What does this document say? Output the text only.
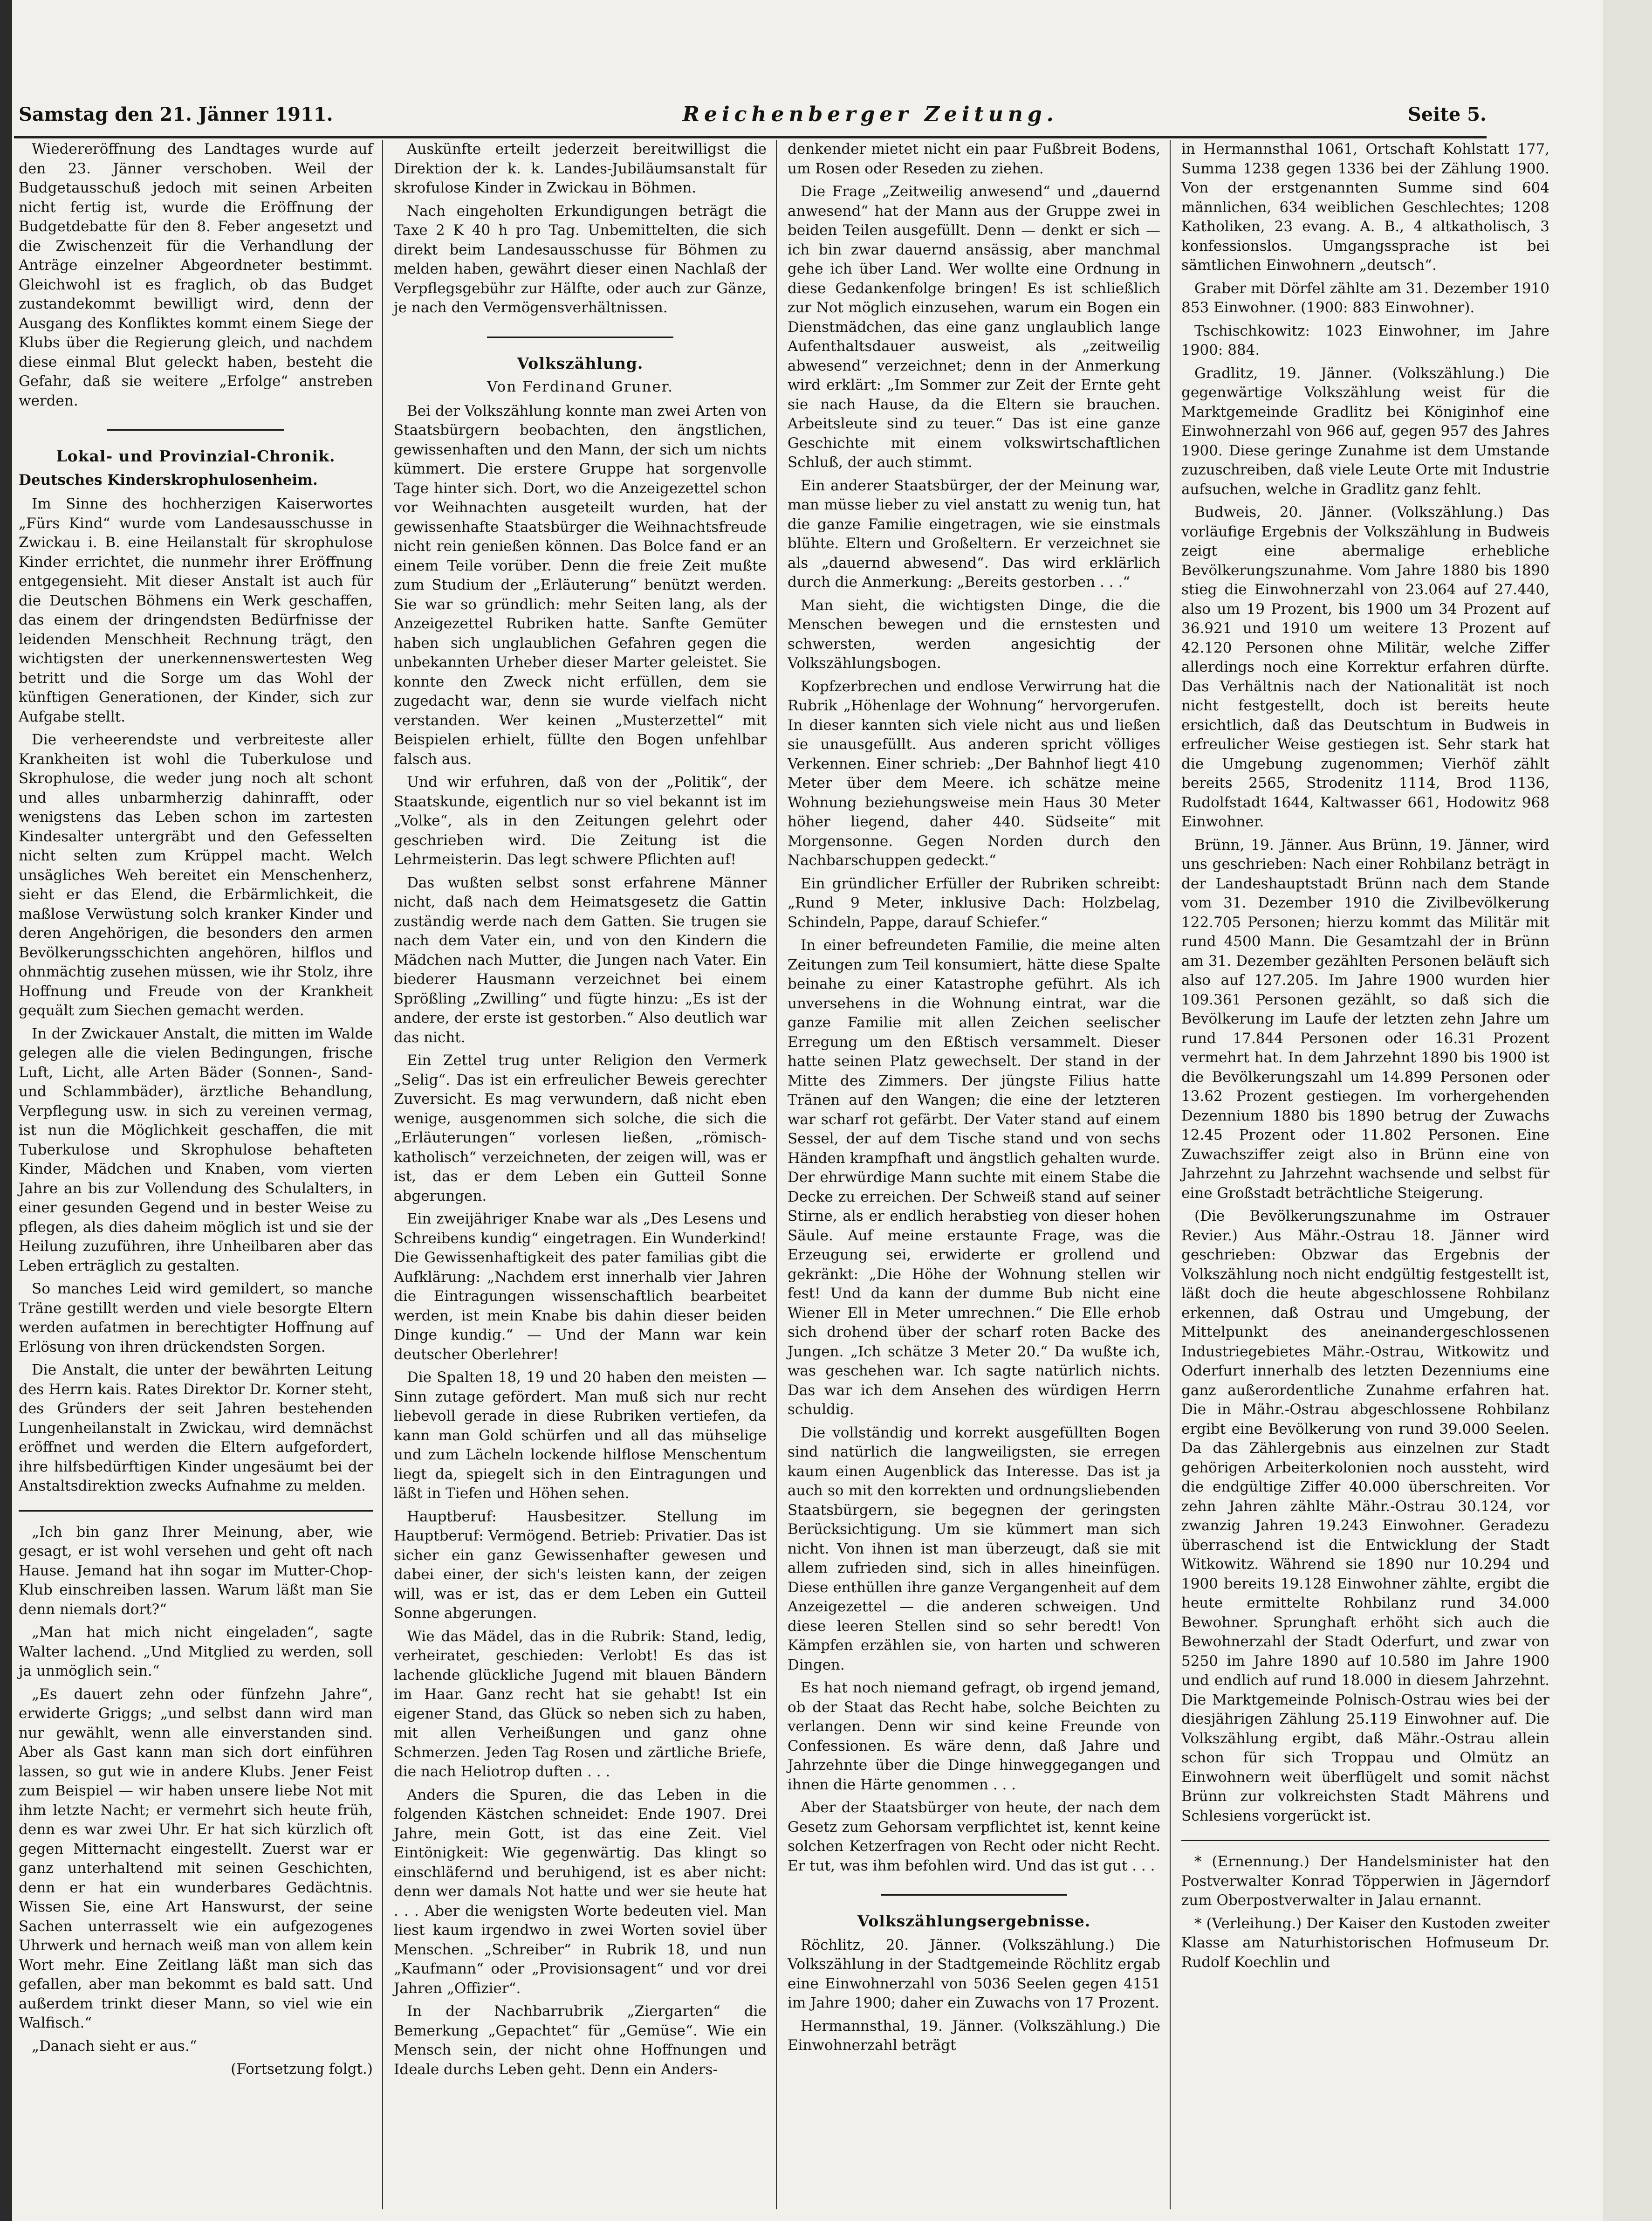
Samstag den 21. Jänner 1911.	Reichenberger Zeitung.	Seite 5.

Wiedereröffnung des Landtages wurde auf den 23. Jänner verschoben. Weil der Budgetausschuß jedoch mit seinen Arbeiten nicht fertig ist, wurde die Eröffnung der Budgetdebatte für den 8. Feber angesetzt und die Zwischenzeit für die Verhandlung der Anträge einzelner Abgeordneter bestimmt. Gleichwohl ist es fraglich, ob das Budget zustandekommt bewilligt wird, denn der Ausgang des Konfliktes kommt einem Siege der Klubs über die Regierung gleich, und nachdem diese einmal Blut geleckt haben, besteht die Gefahr, daß sie weitere „Erfolge“ anstreben werden.

Lokal- und Provinzial-Chronik.

Deutsches Kinderskrophulosenheim.

Im Sinne des hochherzigen Kaiserwortes „Fürs Kind“ wurde vom Landesausschusse in Zwickau i. B. eine Heilanstalt für skrophulose Kinder errichtet, die nunmehr ihrer Eröffnung entgegensieht. Mit dieser Anstalt ist auch für die Deutschen Böhmens ein Werk geschaffen, das einem der dringendsten Bedürfnisse der leidenden Menschheit Rechnung trägt, den wichtigsten der unerkennenswertesten Weg betritt und die Sorge um das Wohl der künftigen Generationen, der Kinder, sich zur Aufgabe stellt.

Die verheerendste und verbreiteste aller Krankheiten ist wohl die Tuberkulose und Skrophulose, die weder jung noch alt schont und alles unbarmherzig dahinrafft, oder wenigstens das Leben schon im zartesten Kindesalter untergräbt und den Gefesselten nicht selten zum Krüppel macht. Welch unsägliches Weh bereitet ein Menschenherz, sieht er das Elend, die Erbärmlichkeit, die maßlose Verwüstung solch kranker Kinder und deren Angehörigen, die besonders den armen Bevölkerungsschichten angehören, hilflos und ohnmächtig zusehen müssen, wie ihr Stolz, ihre Hoffnung und Freude von der Krankheit gequält zum Siechen gemacht werden.

In der Zwickauer Anstalt, die mitten im Walde gelegen alle die vielen Bedingungen, frische Luft, Licht, alle Arten Bäder (Sonnen-, Sand- und Schlammbäder), ärztliche Behandlung, Verpflegung usw. in sich zu vereinen vermag, ist nun die Möglichkeit geschaffen, die mit Tuberkulose und Skrophulose behafteten Kinder, Mädchen und Knaben, vom vierten Jahre an bis zur Vollendung des Schulalters, in einer gesunden Gegend und in bester Weise zu pflegen, als dies daheim möglich ist und sie der Heilung zuzuführen, ihre Unheilbaren aber das Leben erträglich zu gestalten.

So manches Leid wird gemildert, so manche Träne gestillt werden und viele besorgte Eltern werden aufatmen in berechtigter Hoffnung auf Erlösung von ihren drückendsten Sorgen.

Die Anstalt, die unter der bewährten Leitung des Herrn kais. Rates Direktor Dr. Korner steht, des Gründers der seit Jahren bestehenden Lungenheilanstalt in Zwickau, wird demnächst eröffnet und werden die Eltern aufgefordert, ihre hilfsbedürftigen Kinder ungesäumt bei der Anstaltsdirektion zwecks Aufnahme zu melden.

„Ich bin ganz Ihrer Meinung, aber, wie gesagt, er ist wohl versehen und geht oft nach Hause. Jemand hat ihn sogar im Mutter-Chop-Klub einschreiben lassen. Warum läßt man Sie denn niemals dort?“

„Man hat mich nicht eingeladen“, sagte Walter lachend. „Und Mitglied zu werden, soll ja unmöglich sein.“

„Es dauert zehn oder fünfzehn Jahre“, erwiderte Griggs; „und selbst dann wird man nur gewählt, wenn alle einverstanden sind. Aber als Gast kann man sich dort einführen lassen, so gut wie in andere Klubs. Jener Feist zum Beispiel — wir haben unsere liebe Not mit ihm letzte Nacht; er vermehrt sich heute früh, denn es war zwei Uhr. Er hat sich kürzlich oft gegen Mitternacht eingestellt. Zuerst war er ganz unterhaltend mit seinen Geschichten, denn er hat ein wunderbares Gedächtnis. Wissen Sie, eine Art Hanswurst, der seine Sachen unterrasselt wie ein aufgezogenes Uhrwerk und hernach weiß man von allem kein Wort mehr. Eine Zeitlang läßt man sich das gefallen, aber man bekommt es bald satt. Und außerdem trinkt dieser Mann, so viel wie ein Walfisch.“

„Danach sieht er aus.“

(Fortsetzung folgt.)

Auskünfte erteilt jederzeit bereitwilligst die Direktion der k. k. Landes-Jubiläumsanstalt für skrofulose Kinder in Zwickau in Böhmen.

Nach eingeholten Erkundigungen beträgt die Taxe 2 K 40 h pro Tag. Unbemittelten, die sich direkt beim Landesausschusse für Böhmen zu melden haben, gewährt dieser einen Nachlaß der Verpflegsgebühr zur Hälfte, oder auch zur Gänze, je nach den Vermögensverhältnissen.

Volkszählung.

Von Ferdinand Gruner.

Bei der Volkszählung konnte man zwei Arten von Staatsbürgern beobachten, den ängstlichen, gewissenhaften und den Mann, der sich um nichts kümmert. Die erstere Gruppe hat sorgenvolle Tage hinter sich. Dort, wo die Anzeigezettel schon vor Weihnachten ausgeteilt wurden, hat der gewissenhafte Staatsbürger die Weihnachtsfreude nicht rein genießen können. Das Bolce fand er an einem Teile vorüber. Denn die freie Zeit mußte zum Studium der „Erläuterung“ benützt werden. Sie war so gründlich: mehr Seiten lang, als der Anzeigezettel Rubriken hatte. Sanfte Gemüter haben sich unglaublichen Gefahren gegen die unbekannten Urheber dieser Marter geleistet. Sie konnte den Zweck nicht erfüllen, dem sie zugedacht war, denn sie wurde vielfach nicht verstanden. Wer keinen „Musterzettel“ mit Beispielen erhielt, füllte den Bogen unfehlbar falsch aus.

Und wir erfuhren, daß von der „Politik“, der Staatskunde, eigentlich nur so viel bekannt ist im „Volke“, als in den Zeitungen gelehrt oder geschrieben wird. Die Zeitung ist die Lehrmeisterin. Das legt schwere Pflichten auf!

Das wußten selbst sonst erfahrene Männer nicht, daß nach dem Heimatsgesetz die Gattin zuständig werde nach dem Gatten. Sie trugen sie nach dem Vater ein, und von den Kindern die Mädchen nach Mutter, die Jungen nach Vater. Ein biederer Hausmann verzeichnet bei einem Sprößling „Zwilling“ und fügte hinzu: „Es ist der andere, der erste ist gestorben.“ Also deutlich war das nicht.

Ein Zettel trug unter Religion den Vermerk „Selig“. Das ist ein erfreulicher Beweis gerechter Zuversicht. Es mag verwundern, daß nicht eben wenige, ausgenommen sich solche, die sich die „Erläuterungen“ vorlesen ließen, „römisch-katholisch“ verzeichneten, der zeigen will, was er ist, das er dem Leben ein Gutteil Sonne abgerungen.

Ein zweijähriger Knabe war als „Des Lesens und Schreibens kundig“ eingetragen. Ein Wunderkind! Die Gewissenhaftigkeit des pater familias gibt die Aufklärung: „Nachdem erst innerhalb vier Jahren die Eintragungen wissenschaftlich bearbeitet werden, ist mein Knabe bis dahin dieser beiden Dinge kundig.“ — Und der Mann war kein deutscher Oberlehrer!

Die Spalten 18, 19 und 20 haben den meisten — Sinn zutage gefördert. Man muß sich nur recht liebevoll gerade in diese Rubriken vertiefen, da kann man Gold schürfen und all das mühselige und zum Lächeln lockende hilflose Menschentum liegt da, spiegelt sich in den Eintragungen und läßt in Tiefen und Höhen sehen.

Hauptberuf: Hausbesitzer. Stellung im Hauptberuf: Vermögend. Betrieb: Privatier. Das ist sicher ein ganz Gewissenhafter gewesen und dabei einer, der sich's leisten kann, der zeigen will, was er ist, das er dem Leben ein Gutteil Sonne abgerungen.

Wie das Mädel, das in die Rubrik: Stand, ledig, verheiratet, geschieden: Verlobt! Es das ist lachende glückliche Jugend mit blauen Bändern im Haar. Ganz recht hat sie gehabt! Ist ein eigener Stand, das Glück so neben sich zu haben, mit allen Verheißungen und ganz ohne Schmerzen. Jeden Tag Rosen und zärtliche Briefe, die nach Heliotrop duften . . .

Anders die Spuren, die das Leben in die folgenden Kästchen schneidet: Ende 1907. Drei Jahre, mein Gott, ist das eine Zeit. Viel Eintönigkeit: Wie gegenwärtig. Das klingt so einschläfernd und beruhigend, ist es aber nicht: denn wer damals Not hatte und wer sie heute hat . . . Aber die wenigsten Worte bedeuten viel. Man liest kaum irgendwo in zwei Worten soviel über Menschen. „Schreiber“ in Rubrik 18, und nun „Kaufmann“ oder „Provisionsagent“ und vor drei Jahren „Offizier“.

In der Nachbarrubrik „Ziergarten“ die Bemerkung „Gepachtet“ für „Gemüse“. Wie ein Mensch sein, der nicht ohne Hoffnungen und Ideale durchs Leben geht. Denn ein Anders-

denkender mietet nicht ein paar Fußbreit Bodens, um Rosen oder Reseden zu ziehen.

Die Frage „Zeitweilig anwesend“ und „dauernd anwesend“ hat der Mann aus der Gruppe zwei in beiden Teilen ausgefüllt. Denn — denkt er sich — ich bin zwar dauernd ansässig, aber manchmal gehe ich über Land. Wer wollte eine Ordnung in diese Gedankenfolge bringen! Es ist schließlich zur Not möglich einzusehen, warum ein Bogen ein Dienstmädchen, das eine ganz unglaublich lange Aufenthaltsdauer ausweist, als „zeitweilig abwesend“ verzeichnet; denn in der Anmerkung wird erklärt: „Im Sommer zur Zeit der Ernte geht sie nach Hause, da die Eltern sie brauchen. Arbeitsleute sind zu teuer.“ Das ist eine ganze Geschichte mit einem volkswirtschaftlichen Schluß, der auch stimmt.

Ein anderer Staatsbürger, der der Meinung war, man müsse lieber zu viel anstatt zu wenig tun, hat die ganze Familie eingetragen, wie sie einstmals blühte. Eltern und Großeltern. Er verzeichnet sie als „dauernd abwesend“. Das wird erklärlich durch die Anmerkung: „Bereits gestorben . . .“

Man sieht, die wichtigsten Dinge, die die Menschen bewegen und die ernstesten und schwersten, werden angesichtig der Volkszählungsbogen.

Kopfzerbrechen und endlose Verwirrung hat die Rubrik „Höhenlage der Wohnung“ hervorgerufen. In dieser kannten sich viele nicht aus und ließen sie unausgefüllt. Aus anderen spricht völliges Verkennen. Einer schrieb: „Der Bahnhof liegt 410 Meter über dem Meere. ich schätze meine Wohnung beziehungsweise mein Haus 30 Meter höher liegend, daher 440. Südseite“ mit Morgensonne. Gegen Norden durch den Nachbarschuppen gedeckt.“

Ein gründlicher Erfüller der Rubriken schreibt: „Rund 9 Meter, inklusive Dach: Holzbelag, Schindeln, Pappe, darauf Schiefer.“

In einer befreundeten Familie, die meine alten Zeitungen zum Teil konsumiert, hätte diese Spalte beinahe zu einer Katastrophe geführt. Als ich unversehens in die Wohnung eintrat, war die ganze Familie mit allen Zeichen seelischer Erregung um den Eßtisch versammelt. Dieser hatte seinen Platz gewechselt. Der stand in der Mitte des Zimmers. Der jüngste Filius hatte Tränen auf den Wangen; die eine der letzteren war scharf rot gefärbt. Der Vater stand auf einem Sessel, der auf dem Tische stand und von sechs Händen krampfhaft und ängstlich gehalten wurde. Der ehrwürdige Mann suchte mit einem Stabe die Decke zu erreichen. Der Schweiß stand auf seiner Stirne, als er endlich herabstieg von dieser hohen Säule. Auf meine erstaunte Frage, was die Erzeugung sei, erwiderte er grollend und gekränkt: „Die Höhe der Wohnung stellen wir fest! Und da kann der dumme Bub nicht eine Wiener Ell in Meter umrechnen.“ Die Elle erhob sich drohend über der scharf roten Backe des Jungen. „Ich schätze 3 Meter 20.“ Da wußte ich, was geschehen war. Ich sagte natürlich nichts. Das war ich dem Ansehen des würdigen Herrn schuldig.

Die vollständig und korrekt ausgefüllten Bogen sind natürlich die langweiligsten, sie erregen kaum einen Augenblick das Interesse. Das ist ja auch so mit den korrekten und ordnungsliebenden Staatsbürgern, sie begegnen der geringsten Berücksichtigung. Um sie kümmert man sich nicht. Von ihnen ist man überzeugt, daß sie mit allem zufrieden sind, sich in alles hineinfügen. Diese enthüllen ihre ganze Vergangenheit auf dem Anzeigezettel — die anderen schweigen. Und diese leeren Stellen sind so sehr beredt! Von Kämpfen erzählen sie, von harten und schweren Dingen.

Es hat noch niemand gefragt, ob irgend jemand, ob der Staat das Recht habe, solche Beichten zu verlangen. Denn wir sind keine Freunde von Confessionen. Es wäre denn, daß Jahre und Jahrzehnte über die Dinge hinweggegangen und ihnen die Härte genommen . . .

Aber der Staatsbürger von heute, der nach dem Gesetz zum Gehorsam verpflichtet ist, kennt keine solchen Ketzerfragen von Recht oder nicht Recht. Er tut, was ihm befohlen wird. Und das ist gut . . .

Volkszählungsergebnisse.

Röchlitz, 20. Jänner. (Volkszählung.) Die Volkszählung in der Stadtgemeinde Röchlitz ergab eine Einwohnerzahl von 5036 Seelen gegen 4151 im Jahre 1900; daher ein Zuwachs von 17 Prozent.

Hermannsthal, 19. Jänner. (Volkszählung.) Die Einwohnerzahl beträgt

in Hermannsthal 1061, Ortschaft Kohlstatt 177, Summa 1238 gegen 1336 bei der Zählung 1900. Von der erstgenannten Summe sind 604 männlichen, 634 weiblichen Geschlechtes; 1208 Katholiken, 23 evang. A. B., 4 altkatholisch, 3 konfessionslos. Umgangssprache ist bei sämtlichen Einwohnern „deutsch“.

Graber mit Dörfel zählte am 31. Dezember 1910 853 Einwohner. (1900: 883 Einwohner).

Tschischkowitz: 1023 Einwohner, im Jahre 1900: 884.

Gradlitz, 19. Jänner. (Volkszählung.) Die gegenwärtige Volkszählung weist für die Marktgemeinde Gradlitz bei Königinhof eine Einwohnerzahl von 966 auf, gegen 957 des Jahres 1900. Diese geringe Zunahme ist dem Umstande zuzuschreiben, daß viele Leute Orte mit Industrie aufsuchen, welche in Gradlitz ganz fehlt.

Budweis, 20. Jänner. (Volkszählung.) Das vorläufige Ergebnis der Volkszählung in Budweis zeigt eine abermalige erhebliche Bevölkerungszunahme. Vom Jahre 1880 bis 1890 stieg die Einwohnerzahl von 23.064 auf 27.440, also um 19 Prozent, bis 1900 um 34 Prozent auf 36.921 und 1910 um weitere 13 Prozent auf 42.120 Personen ohne Militär, welche Ziffer allerdings noch eine Korrektur erfahren dürfte. Das Verhältnis nach der Nationalität ist noch nicht festgestellt, doch ist bereits heute ersichtlich, daß das Deutschtum in Budweis in erfreulicher Weise gestiegen ist. Sehr stark hat die Umgebung zugenommen; Vierhöf zählt bereits 2565, Strodenitz 1114, Brod 1136, Rudolfstadt 1644, Kaltwasser 661, Hodowitz 968 Einwohner.

Brünn, 19. Jänner. Aus Brünn, 19. Jänner, wird uns geschrieben: Nach einer Rohbilanz beträgt in der Landeshauptstadt Brünn nach dem Stande vom 31. Dezember 1910 die Zivilbevölkerung 122.705 Personen; hierzu kommt das Militär mit rund 4500 Mann. Die Gesamtzahl der in Brünn am 31. Dezember gezählten Personen beläuft sich also auf 127.205. Im Jahre 1900 wurden hier 109.361 Personen gezählt, so daß sich die Bevölkerung im Laufe der letzten zehn Jahre um rund 17.844 Personen oder 16.31 Prozent vermehrt hat. In dem Jahrzehnt 1890 bis 1900 ist die Bevölkerungszahl um 14.899 Personen oder 13.62 Prozent gestiegen. Im vorhergehenden Dezennium 1880 bis 1890 betrug der Zuwachs 12.45 Prozent oder 11.802 Personen. Eine Zuwachsziffer zeigt also in Brünn eine von Jahrzehnt zu Jahrzehnt wachsende und selbst für eine Großstadt beträchtliche Steigerung.

(Die Bevölkerungszunahme im Ostrauer Revier.) Aus Mähr.-Ostrau 18. Jänner wird geschrieben: Obzwar das Ergebnis der Volkszählung noch nicht endgültig festgestellt ist, läßt doch die heute abgeschlossene Rohbilanz erkennen, daß Ostrau und Umgebung, der Mittelpunkt des aneinandergeschlossenen Industriegebietes Mähr.-Ostrau, Witkowitz und Oderfurt innerhalb des letzten Dezenniums eine ganz außerordentliche Zunahme erfahren hat. Die in Mähr.-Ostrau abgeschlossene Rohbilanz ergibt eine Bevölkerung von rund 39.000 Seelen. Da das Zählergebnis aus einzelnen zur Stadt gehörigen Arbeiterkolonien noch aussteht, wird die endgültige Ziffer 40.000 überschreiten. Vor zehn Jahren zählte Mähr.-Ostrau 30.124, vor zwanzig Jahren 19.243 Einwohner. Geradezu überraschend ist die Entwicklung der Stadt Witkowitz. Während sie 1890 nur 10.294 und 1900 bereits 19.128 Einwohner zählte, ergibt die heute ermittelte Rohbilanz rund 34.000 Bewohner. Sprunghaft erhöht sich auch die Bewohnerzahl der Stadt Oderfurt, und zwar von 5250 im Jahre 1890 auf 10.580 im Jahre 1900 und endlich auf rund 18.000 in diesem Jahrzehnt. Die Marktgemeinde Polnisch-Ostrau wies bei der diesjährigen Zählung 25.119 Einwohner auf. Die Volkszählung ergibt, daß Mähr.-Ostrau allein schon für sich Troppau und Olmütz an Einwohnern weit überflügelt und somit nächst Brünn zur volkreichsten Stadt Mährens und Schlesiens vorgerückt ist.

* (Ernennung.) Der Handelsminister hat den Postverwalter Konrad Töpperwien in Jägerndorf zum Oberpostverwalter in Jalau ernannt.

* (Verleihung.) Der Kaiser den Kustoden zweiter Klasse am Naturhistorischen Hofmuseum Dr. Rudolf Koechlin und
